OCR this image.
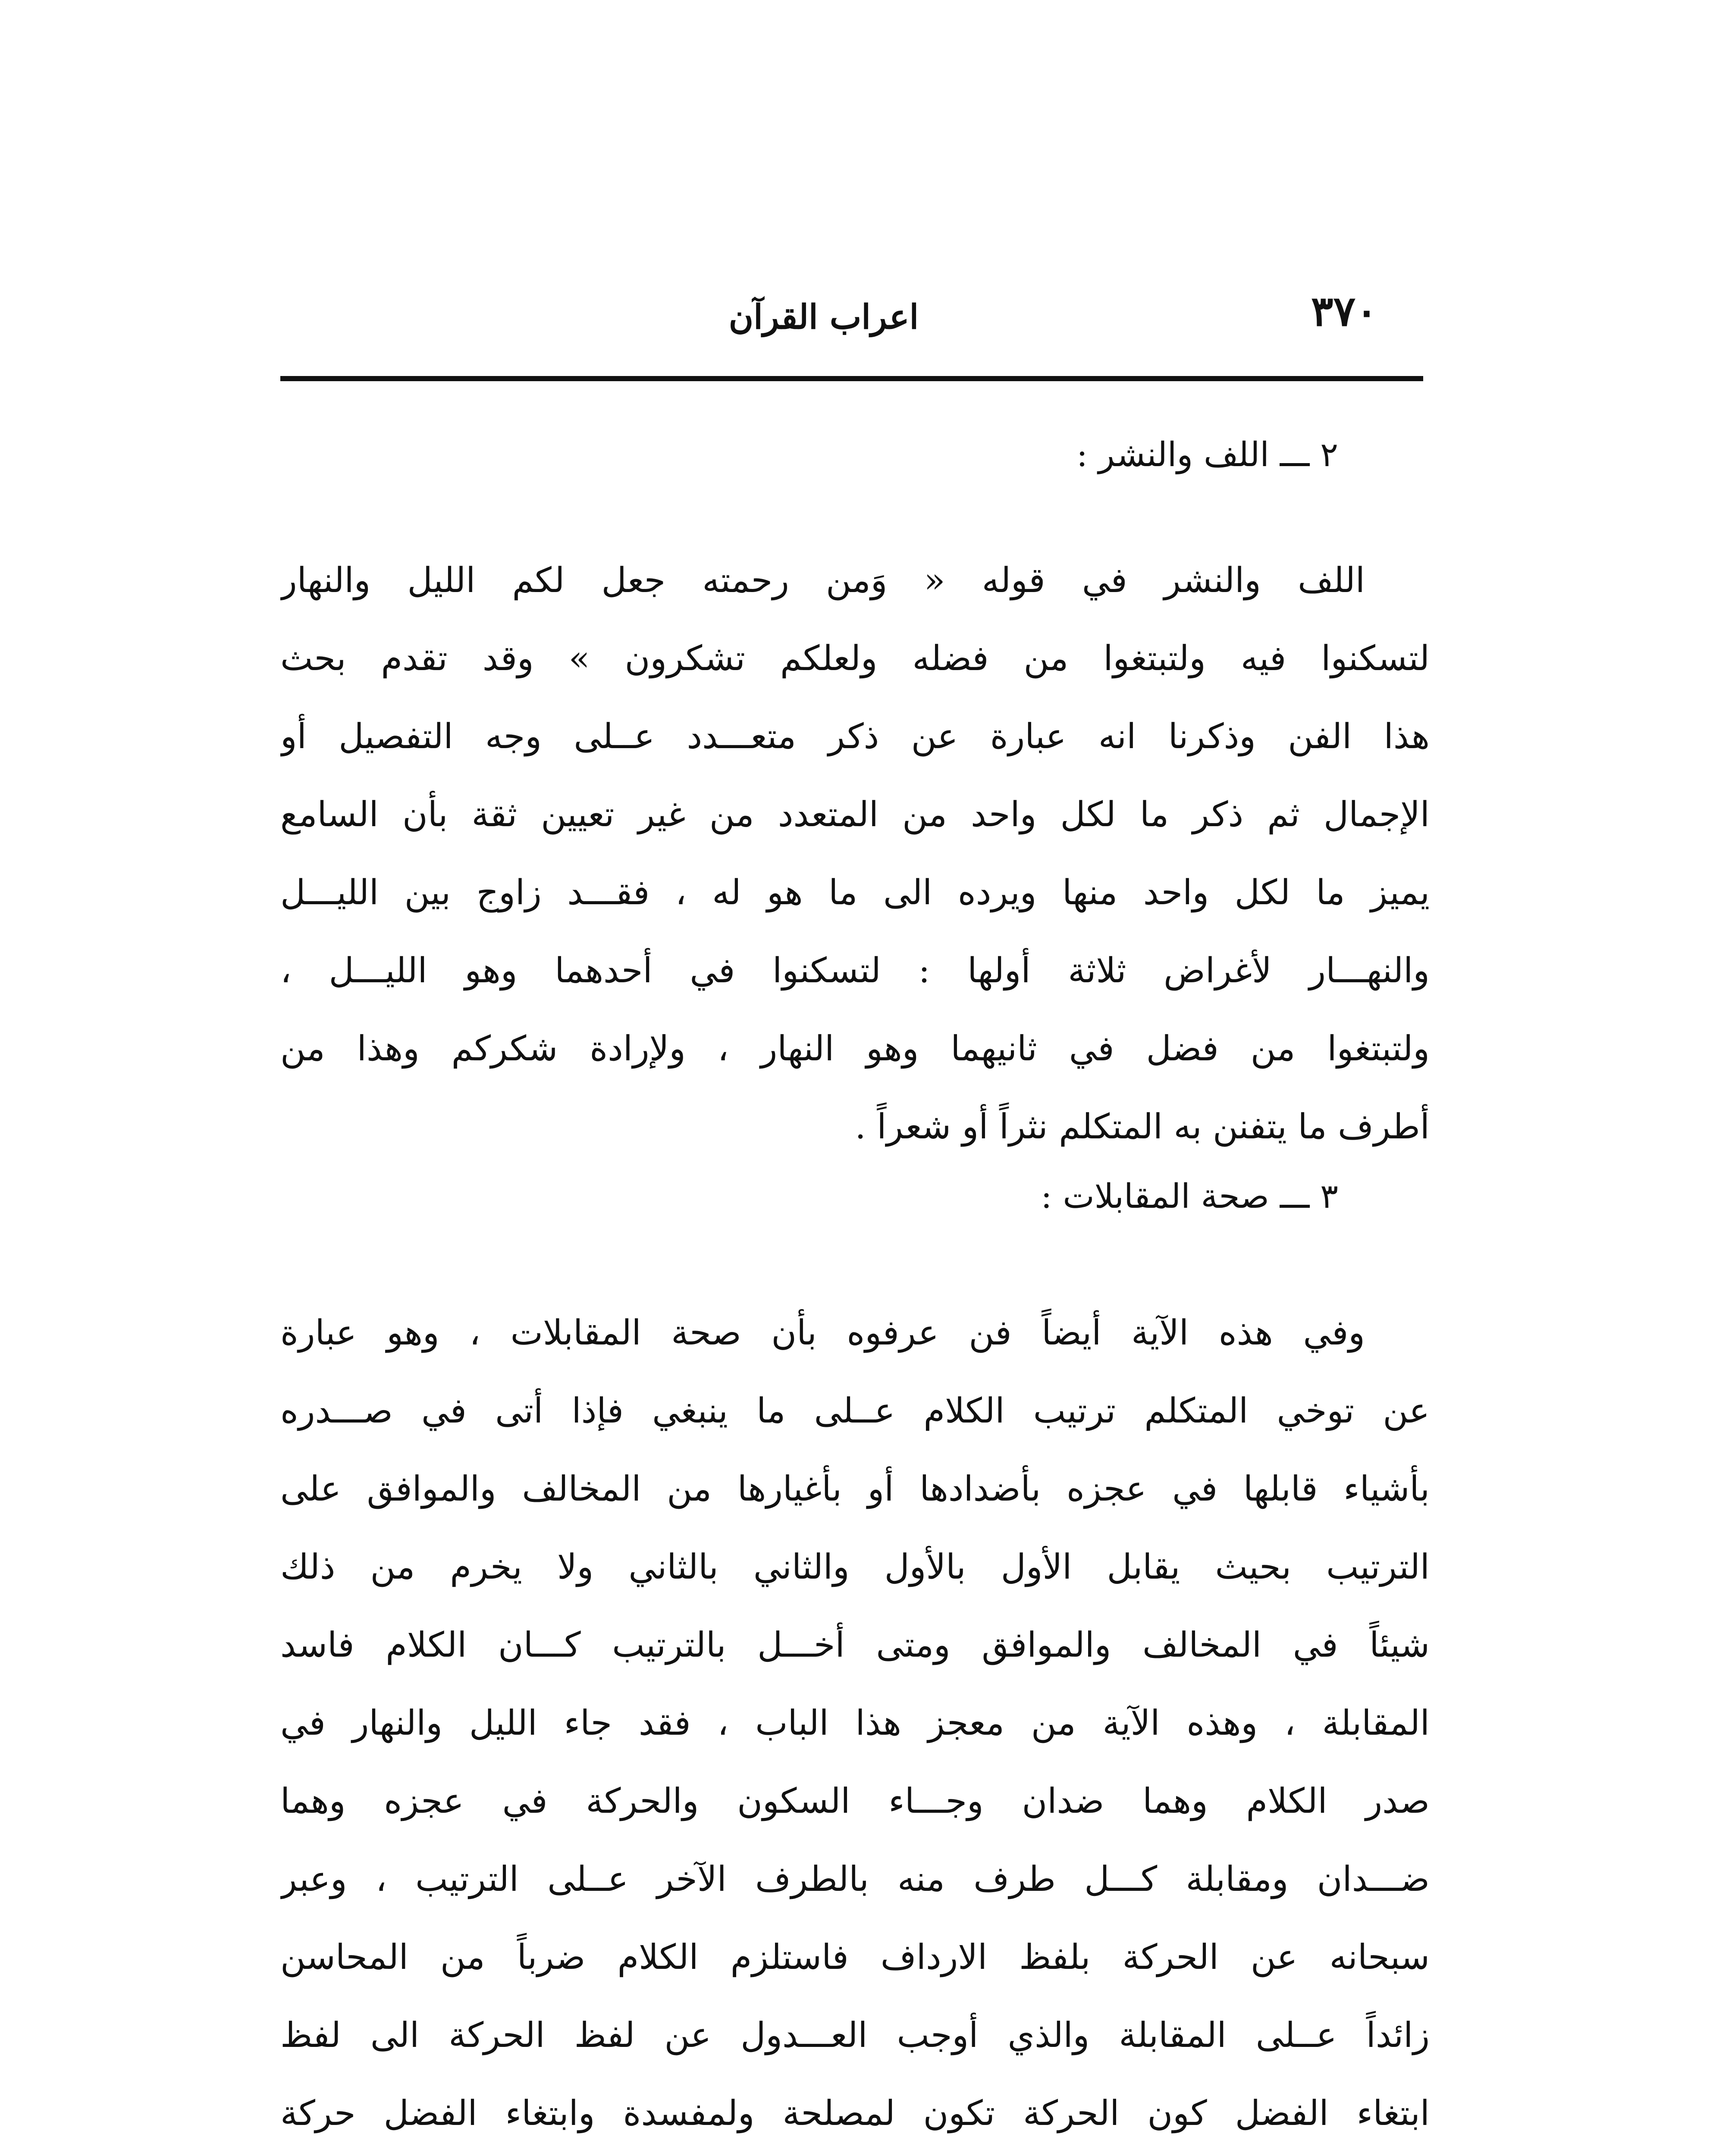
٣٧٠
اعراب القرآن
٢ ـــ اللف والنشر :
اللف والنشر في قوله « وَمن رحمته جعل لكم الليل والنهار
لتسكنوا فيه ولتبتغوا من فضله ولعلكم تشكرون » وقد تقدم بحث
هذا الفن وذكرنا انه عبارة عن ذكر متعـــدد عــلى وجه التفصيل أو
الإجمال ثم ذكر ما لكل واحد من المتعدد من غير تعيين ثقة بأن السامع
يميز ما لكل واحد منها ويرده الى ما هو له ، فقـــد زاوج بين الليـــل
والنهـــار لأغراض ثلاثة أولها : لتسكنوا في أحدهما وهو الليـــل ،
ولتبتغوا من فضل في ثانيهما وهو النهار ، ولإرادة شكركم وهذا من
أطرف ما يتفنن به المتكلم نثراً أو شعراً .
٣ ـــ صحة المقابلات :
وفي هذه الآية أيضاً فن عرفوه بأن صحة المقابلات ، وهو عبارة
عن توخي المتكلم ترتيب الكلام عــلى ما ينبغي فإذا أتى في صـــدره
بأشياء قابلها في عجزه بأضدادها أو بأغيارها من المخالف والموافق على
الترتيب بحيث يقابل الأول بالأول والثاني بالثاني ولا يخرم من ذلك
شيئاً في المخالف والموافق ومتى أخـــل بالترتيب كـــان الكلام فاسد
المقابلة ، وهذه الآية من معجز هذا الباب ، فقد جاء الليل والنهار في
صدر الكلام وهما ضدان وجـــاء السكون والحركة في عجزه وهما
ضـــدان ومقابلة كـــل طرف منه بالطرف الآخر عــلى الترتيب ، وعبر
سبحانه عن الحركة بلفظ الارداف فاستلزم الكلام ضرباً من المحاسن
زائداً عــلى المقابلة والذي أوجب العـــدول عن لفظ الحركة الى لفظ
ابتغاء الفضل كون الحركة تكون لمصلحة ولمفسدة وابتغاء الفضل حركة
